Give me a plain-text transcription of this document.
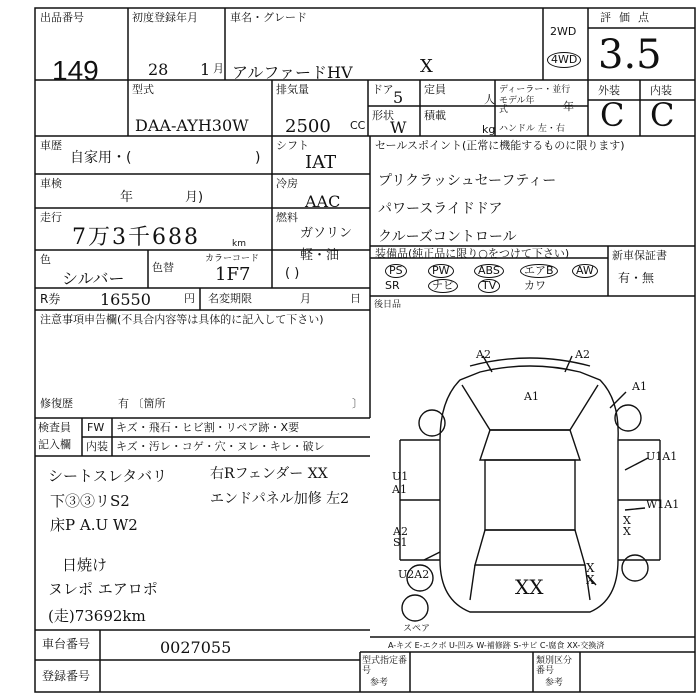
出品番号
149
初度登録年月
28 1 月
車名・グレード
アルファードHV	X
2WD
4WD
評価点
3.5
型式
DAA-AYH30W
排気量
2500 CC
ドア 5 定員
人
形状
W
積載
kg
ディーラー・並行
モデル年式	年
ハンドル 左・右
外装	内装
C C
車歴
自家用・(	)
シフト
IAT
車検
年	月)
冷房
AAC
走行
7万3千688	km
燃料
ガソリン
軽・油
( )
色
シルバー
色替
カラーコード
1F7
R券 16550	円 名変期限	月	日
注意事項申告欄(不具合内容等は具体的に記入して下さい)
修復歴	有 〔箇所	〕
検査員
記入欄
FW キズ・飛石・ヒビ割・リペア跡・X要
内装 キズ・汚レ・コゲ・穴・ヌレ・キレ・破レ
シートスレタバリ
下③③リS2
床P A.U W2
日焼け
ヌレポ エアロポ
(走)73692km
右Rフェンダー XX
エンドパネル加修 左2
セールスポイント(正常に機能するものに限ります)
プリクラッシュセーフティー
パワースライドドア
クルーズコントロール
装備品(純正品に限り○をつけて下さい)
PS	PW	ABS	エアB	AW
SR	ナビ	TV	カワ
新車保証書
有・無
後日品
A2	A2
A1
A1
U1 A1
U1A1
X X
W1A1
A2 S1
U2A2
XX
X X
スペア
A-キズ E-エクボ U-凹み W-補修跡 S-サビ C-腐食 XX-交換済
車台番号	0027055
登録番号
型式指定番号
参考
類別区分番号
参考
